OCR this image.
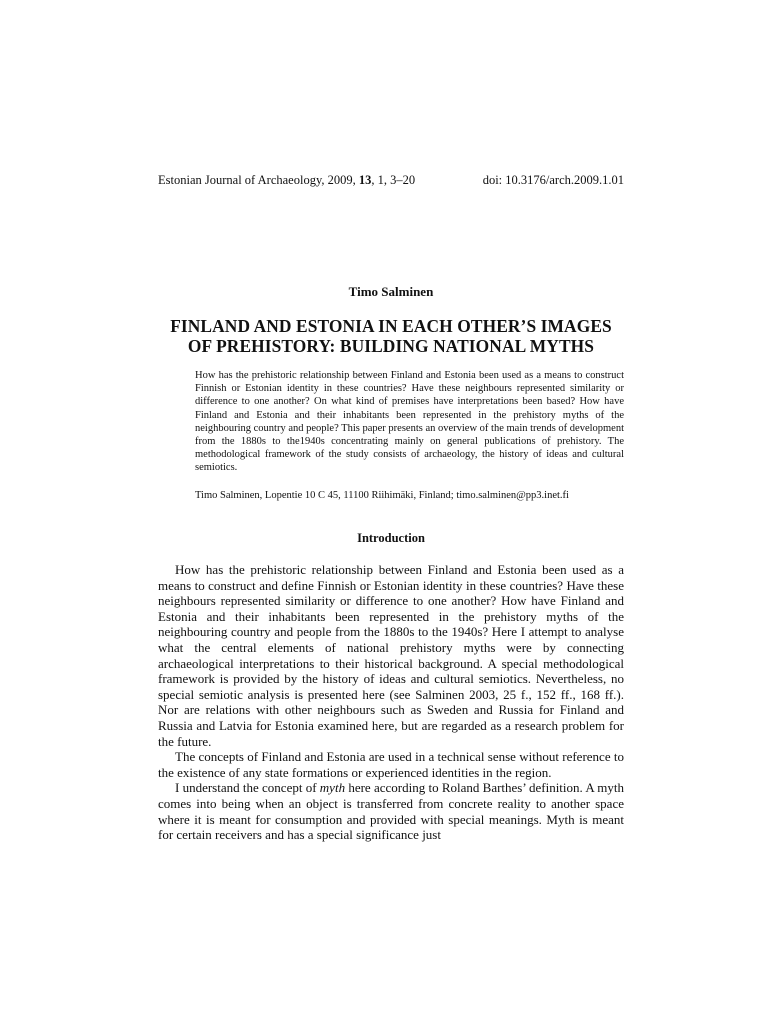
Estonian Journal of Archaeology, 2009, 13, 1, 3–20	doi: 10.3176/arch.2009.1.01
Timo Salminen
FINLAND AND ESTONIA IN EACH OTHER’S IMAGES
OF PREHISTORY: BUILDING NATIONAL MYTHS

How has the prehistoric relationship between Finland and Estonia been used as a means to construct Finnish or Estonian identity in these countries? Have these neighbours represented similarity or difference to one another? On what kind of premises have interpretations been based? How have Finland and Estonia and their inhabitants been represented in the prehistory myths of the neighbouring country and people? This paper presents an overview of the main trends of development from the 1880s to the1940s concentrating mainly on general publications of prehistory. The methodological framework of the study consists of archaeology, the history of ideas and cultural semiotics.

Timo Salminen, Lopentie 10 C 45, 11100 Riihimäki, Finland; timo.salminen@pp3.inet.fi

Introduction

How has the prehistoric relationship between Finland and Estonia been used as a means to construct and define Finnish or Estonian identity in these countries? Have these neighbours represented similarity or difference to one another? How have Finland and Estonia and their inhabitants been represented in the prehistory myths of the neighbouring country and people from the 1880s to the 1940s? Here I attempt to analyse what the central elements of national prehistory myths were by connecting archaeological interpretations to their historical background. A special methodological framework is provided by the history of ideas and cultural semiotics. Nevertheless, no special semiotic analysis is presented here (see Salminen 2003, 25 f., 152 ff., 168 ff.). Nor are relations with other neighbours such as Sweden and Russia for Finland and Russia and Latvia for Estonia examined here, but are regarded as a research problem for the future.

The concepts of Finland and Estonia are used in a technical sense without reference to the existence of any state formations or experienced identities in the region.

I understand the concept of myth here according to Roland Barthes’ definition. A myth comes into being when an object is transferred from concrete reality to another space where it is meant for consumption and provided with special meanings. Myth is meant for certain receivers and has a special significance just
